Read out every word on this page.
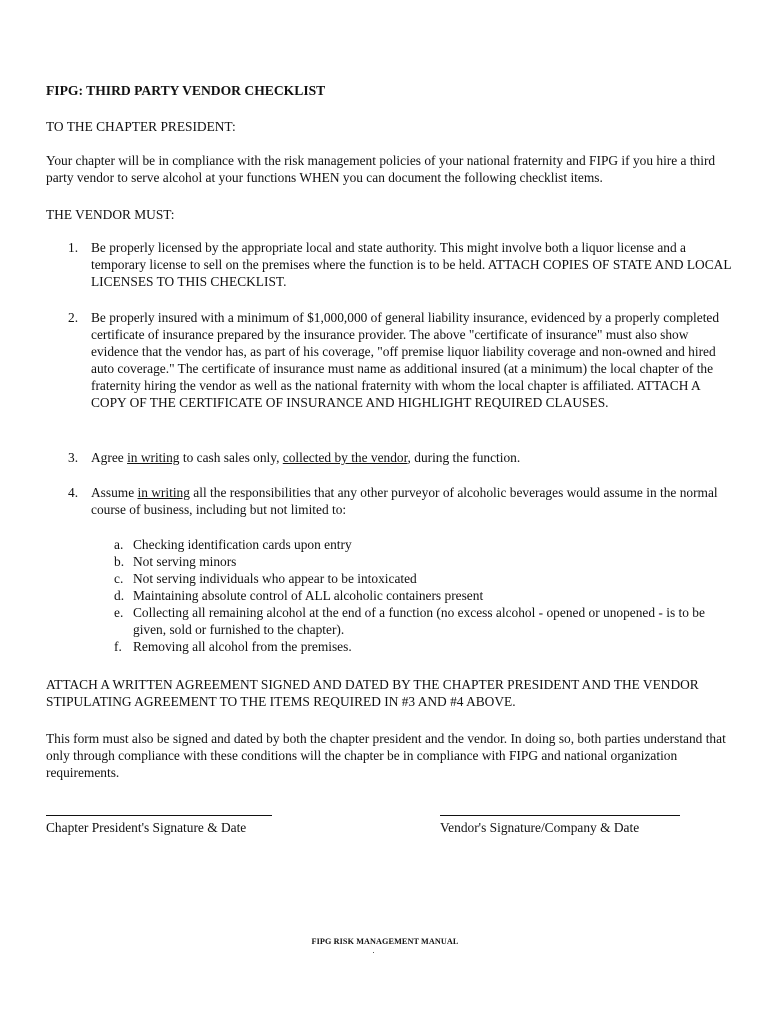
FIPG: THIRD PARTY VENDOR CHECKLIST

TO THE CHAPTER PRESIDENT:

Your chapter will be in compliance with the risk management policies of your national fraternity and FIPG if you hire a third party vendor to serve alcohol at your functions WHEN you can document the following checklist items.

THE VENDOR MUST:

1. Be properly licensed by the appropriate local and state authority. This might involve both a liquor license and a temporary license to sell on the premises where the function is to be held. ATTACH COPIES OF STATE AND LOCAL LICENSES TO THIS CHECKLIST.
2. Be properly insured with a minimum of $1,000,000 of general liability insurance, evidenced by a properly completed certificate of insurance prepared by the insurance provider. The above "certificate of insurance" must also show evidence that the vendor has, as part of his coverage, "off premise liquor liability coverage and non-owned and hired auto coverage." The certificate of insurance must name as additional insured (at a minimum) the local chapter of the fraternity hiring the vendor as well as the national fraternity with whom the local chapter is affiliated. ATTACH A COPY OF THE CERTIFICATE OF INSURANCE AND HIGHLIGHT REQUIRED CLAUSES.
3. Agree in writing to cash sales only, collected by the vendor, during the function.
4. Assume in writing all the responsibilities that any other purveyor of alcoholic beverages would assume in the normal course of business, including but not limited to:
a. Checking identification cards upon entry
b. Not serving minors
c. Not serving individuals who appear to be intoxicated
d. Maintaining absolute control of ALL alcoholic containers present
e. Collecting all remaining alcohol at the end of a function (no excess alcohol - opened or unopened - is to be given, sold or furnished to the chapter).
f. Removing all alcohol from the premises.

ATTACH A WRITTEN AGREEMENT SIGNED AND DATED BY THE CHAPTER PRESIDENT AND THE VENDOR STIPULATING AGREEMENT TO THE ITEMS REQUIRED IN #3 AND #4 ABOVE.

This form must also be signed and dated by both the chapter president and the vendor. In doing so, both parties understand that only through compliance with these conditions will the chapter be in compliance with FIPG and national organization requirements.

Chapter President's Signature & Date	Vendor's Signature/Company & Date

FIPG RISK MANAGEMENT MANUAL
